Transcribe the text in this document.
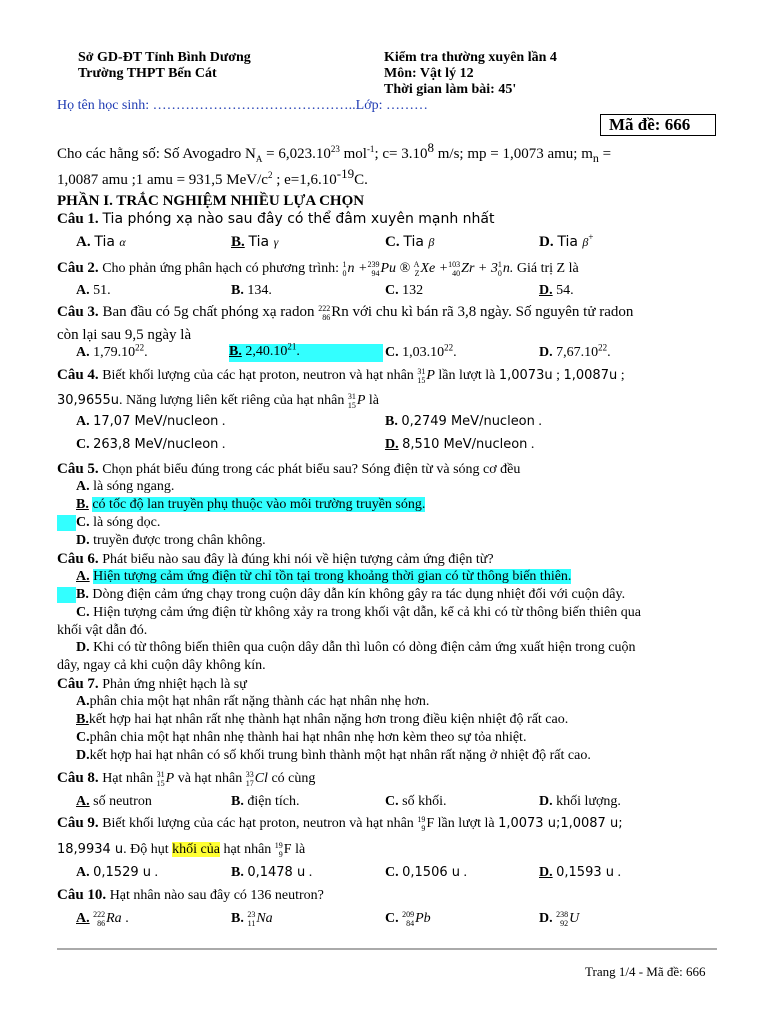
Sở GD-ĐT Tỉnh Bình Dương
Trường THPT Bến Cát
Kiểm tra thường xuyên lần 4
Môn: Vật lý 12
Thời gian làm bài: 45'
Họ tên học sinh: ……………………………………..Lớp: ………
Mã đề: 666
Cho các hằng số: Số Avogadro $N_A = 6,023.10^{23}$ mol$^{-1}$; $c= 3.10^8$ m/s; mp = 1,0073 amu; $m_n$ =
1,0087 amu ;1 amu = 931,5 MeV/$c^2$ ; $e=1,6.10^{-19}C$.
PHẦN I. TRẮC NGHIỆM NHIỀU LỰA CHỌN
Câu 1. Tia phóng xạ nào sau đây có thể đâm xuyên mạnh nhất
A. Tia α	B. Tia γ	C. Tia β	D. Tia β+
Câu 2. Cho phản ứng phân hạch có phương trình: 1
0n +239
94Pu ® A
ZXe +103
40Zr + 31
0n. Giá trị Z là
A. 51.	B. 134.	C. 132	D. 54.
Câu 3. Ban đầu có 5g chất phóng xạ radon 222
86Rn với chu kì bán rã 3,8 ngày. Số nguyên tử radon
còn lại sau 9,5 ngày là
A. 1,79.10$^{22}$.	B. 2,40.10$^{21}$.	C. 1,03.10$^{22}$.	D. 7,67.10$^{22}$.
Câu 4. Biết khối lượng của các hạt proton, neutron và hạt nhân 31
15P lần lượt là 1,0073u ; 1,0087u ;
30,9655u. Năng lượng liên kết riêng của hạt nhân 31
15P là
A. 17,07 MeV/nucleon .	B. 0,2749 MeV/nucleon .
C. 263,8 MeV/nucleon .	D. 8,510 MeV/nucleon .
Câu 5. Chọn phát biểu đúng trong các phát biểu sau? Sóng điện từ và sóng cơ đều
A. là sóng ngang.
B. có tốc độ lan truyền phụ thuộc vào môi trường truyền sóng.
C. là sóng dọc.
D. truyền được trong chân không.
Câu 6. Phát biểu nào sau đây là đúng khi nói về hiện tượng cảm ứng điện từ?
A. Hiện tượng cảm ứng điện từ chỉ tồn tại trong khoảng thời gian có từ thông biến thiên.
B. Dòng điện cảm ứng chạy trong cuộn dây dẫn kín không gây ra tác dụng nhiệt đối với cuộn dây.
C. Hiện tượng cảm ứng điện từ không xảy ra trong khối vật dẫn, kể cả khi có từ thông biến thiên qua
khối vật dẫn đó.
D. Khi có từ thông biến thiên qua cuộn dây dẫn thì luôn có dòng điện cảm ứng xuất hiện trong cuộn
dây, ngay cả khi cuộn dây không kín.
Câu 7. Phản ứng nhiệt hạch là sự
A.phân chia một hạt nhân rất nặng thành các hạt nhân nhẹ hơn.
B.kết hợp hai hạt nhân rất nhẹ thành hạt nhân nặng hơn trong điều kiện nhiệt độ rất cao.
C.phân chia một hạt nhân nhẹ thành hai hạt nhân nhẹ hơn kèm theo sự tỏa nhiệt.
D.kết hợp hai hạt nhân có số khối trung bình thành một hạt nhân rất nặng ở nhiệt độ rất cao.
Câu 8. Hạt nhân 31
15P và hạt nhân 33
17Cl có cùng
A. số neutron	B. điện tích.	C. số khối.	D. khối lượng.
Câu 9. Biết khối lượng của các hạt proton, neutron và hạt nhân 19
9F lần lượt là 1,0073 u;1,0087 u;
18,9934 u. Độ hụt khối của hạt nhân 19
9F là
A. 0,1529 u .	B. 0,1478 u .	C. 0,1506 u .	D. 0,1593 u .
Câu 10. Hạt nhân nào sau đây có 136 neutron?
A. 222
86Ra .	B. 23
11Na	C. 209
84Pb	D. 238
92U
Trang 1/4 - Mã đề: 666
